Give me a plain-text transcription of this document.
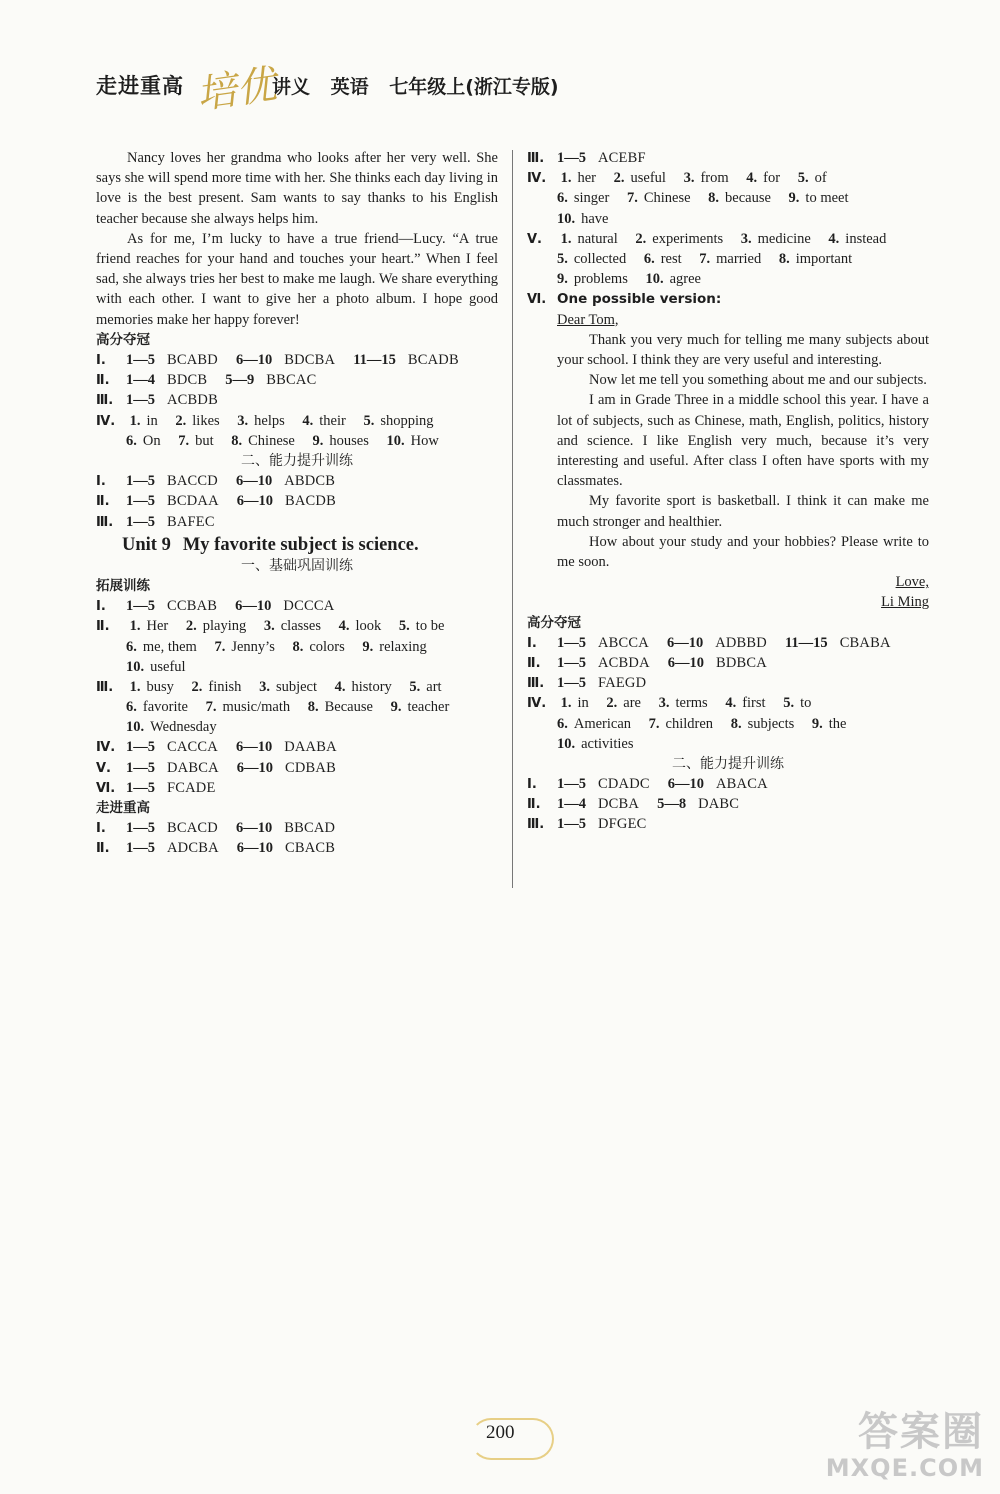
走进重高 培优
讲义 英语 七年级上(浙江专版)

Nancy loves her grandma who looks after her very well. She says she will spend more time with her. She thinks each day living in love is the best present. Sam wants to say thanks to his English teacher because she always helps him.

As for me, I’m lucky to have a true friend—Lucy. “A true friend reaches for your hand and touches your heart.” When I feel sad, she always tries her best to make me laugh. We share everything with each other. I want to give her a photo album. I hope good memories make her happy forever!

高分夺冠
Ⅰ. 1—5 BCABD 6—10 BDCBA 11—15 BCADB
Ⅱ. 1—4 BDCB 5—9 BBCAC
Ⅲ. 1—5 ACBDB
Ⅳ. 1. in 2. likes 3. helps 4. their 5. shopping
6. On 7. but 8. Chinese 9. houses 10. How
二、能力提升训练
Ⅰ. 1—5 BACCD 6—10 ABDCB
Ⅱ. 1—5 BCDAA 6—10 BACDB
Ⅲ. 1—5 BAFEC
Unit 9 My favorite subject is science.
一、基础巩固训练
拓展训练
Ⅰ. 1—5 CCBAB 6—10 DCCCA
Ⅱ. 1. Her 2. playing 3. classes 4. look 5. to be
6. me, them 7. Jenny’s 8. colors 9. relaxing
10. useful
Ⅲ. 1. busy 2. finish 3. subject 4. history 5. art
6. favorite 7. music/math 8. Because 9. teacher
10. Wednesday
Ⅳ. 1—5 CACCA 6—10 DAABA
Ⅴ. 1—5 DABCA 6—10 CDBAB
Ⅵ. 1—5 FCADE
走进重高
Ⅰ. 1—5 BCACD 6—10 BBCAD
Ⅱ. 1—5 ADCBA 6—10 CBACB
Ⅲ. 1—5 ACEBF
Ⅳ. 1. her 2. useful 3. from 4. for 5. of
6. singer 7. Chinese 8. because 9. to meet
10. have
Ⅴ. 1. natural 2. experiments 3. medicine 4. instead
5. collected 6. rest 7. married 8. important
9. problems 10. agree
Ⅵ. One possible version:
Dear Tom,

Thank you very much for telling me many subjects about your school. I think they are very useful and interesting.

Now let me tell you something about me and our subjects.

I am in Grade Three in a middle school this year. I have a lot of subjects, such as Chinese, math, English, politics, history and science. I like English very much, because it’s very interesting and useful. After class I often have sports with my classmates.

My favorite sport is basketball. I think it can make me much stronger and healthier.

How about your study and your hobbies? Please write to me soon.

Love,
Li Ming
高分夺冠
Ⅰ. 1—5 ABCCA 6—10 ADBBD 11—15 CBABA
Ⅱ. 1—5 ACBDA 6—10 BDBCA
Ⅲ. 1—5 FAEGD
Ⅳ. 1. in 2. are 3. terms 4. first 5. to
6. American 7. children 8. subjects 9. the
10. activities
二、能力提升训练
Ⅰ. 1—5 CDADC 6—10 ABACA
Ⅱ. 1—4 DCBA 5—8 DABC
Ⅲ. 1—5 DFGEC
200	答案圈
MXQE.COM
